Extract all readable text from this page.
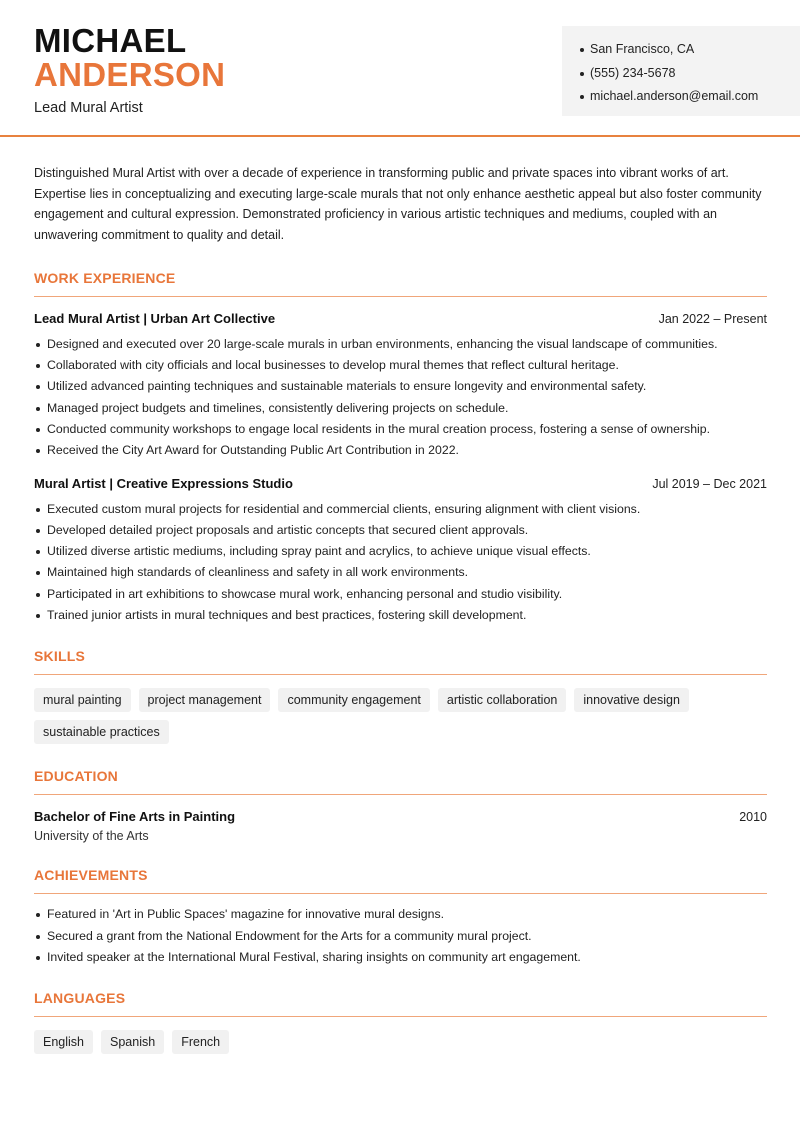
MICHAEL
ANDERSON
Lead Mural Artist
San Francisco, CA
(555) 234-5678
michael.anderson@email.com

Distinguished Mural Artist with over a decade of experience in transforming public and private spaces into vibrant works of art. Expertise lies in conceptualizing and executing large-scale murals that not only enhance aesthetic appeal but also foster community engagement and cultural expression. Demonstrated proficiency in various artistic techniques and mediums, coupled with an unwavering commitment to quality and detail.

WORK EXPERIENCE
Lead Mural Artist | Urban Art Collective	Jan 2022 – Present
Designed and executed over 20 large-scale murals in urban environments, enhancing the visual landscape of communities.
Collaborated with city officials and local businesses to develop mural themes that reflect cultural heritage.
Utilized advanced painting techniques and sustainable materials to ensure longevity and environmental safety.
Managed project budgets and timelines, consistently delivering projects on schedule.
Conducted community workshops to engage local residents in the mural creation process, fostering a sense of ownership.
Received the City Art Award for Outstanding Public Art Contribution in 2022.
Mural Artist | Creative Expressions Studio	Jul 2019 – Dec 2021
Executed custom mural projects for residential and commercial clients, ensuring alignment with client visions.
Developed detailed project proposals and artistic concepts that secured client approvals.
Utilized diverse artistic mediums, including spray paint and acrylics, to achieve unique visual effects.
Maintained high standards of cleanliness and safety in all work environments.
Participated in art exhibitions to showcase mural work, enhancing personal and studio visibility.
Trained junior artists in mural techniques and best practices, fostering skill development.
SKILLS
mural painting	project management	community engagement	artistic collaboration	innovative design
sustainable practices
EDUCATION
Bachelor of Fine Arts in Painting	2010
University of the Arts
ACHIEVEMENTS
Featured in 'Art in Public Spaces' magazine for innovative mural designs.
Secured a grant from the National Endowment for the Arts for a community mural project.
Invited speaker at the International Mural Festival, sharing insights on community art engagement.
LANGUAGES
English	Spanish	French
